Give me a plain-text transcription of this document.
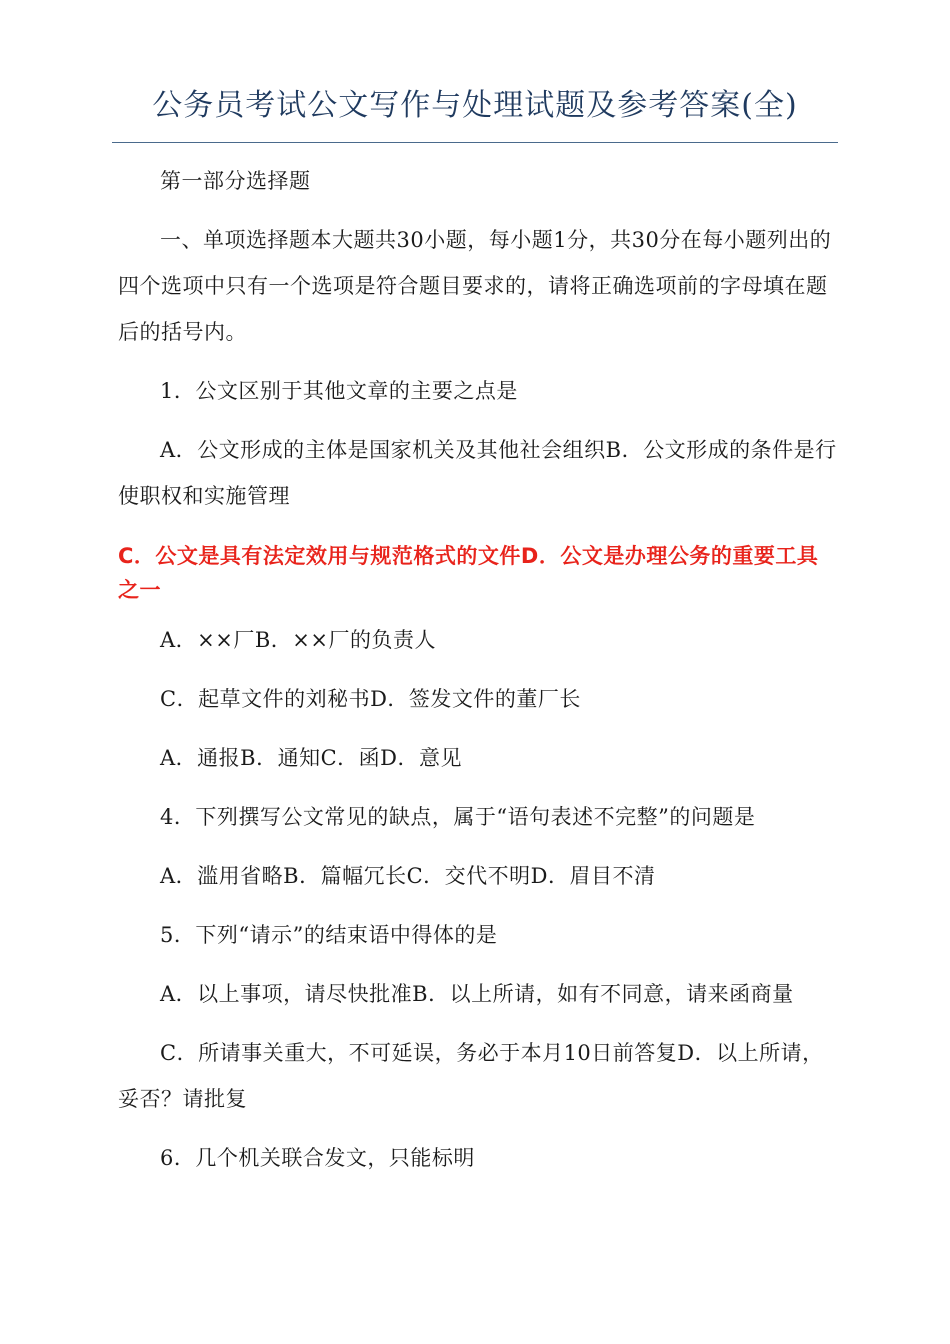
公务员考试公文写作与处理试题及参考答案(全)

第一部分选择题

一、单项选择题本大题共30小题，每小题1分，共30分在每小题列出的四个选项中只有一个选项是符合题目要求的，请将正确选项前的字母填在题后的括号内。

1．公文区别于其他文章的主要之点是

A．公文形成的主体是国家机关及其他社会组织B．公文形成的条件是行使职权和实施管理

C．公文是具有法定效用与规范格式的文件D．公文是办理公务的重要工具之一

A．××厂B．××厂的负责人

C．起草文件的刘秘书D．签发文件的董厂长

A．通报B．通知C．函D．意见

4．下列撰写公文常见的缺点，属于“语句表述不完整”的问题是

A．滥用省略B．篇幅冗长C．交代不明D．眉目不清

5．下列“请示”的结束语中得体的是

A．以上事项，请尽快批准B．以上所请，如有不同意，请来函商量

C．所请事关重大，不可延误，务必于本月10日前答复D．以上所请，妥否？请批复

6．几个机关联合发文，只能标明
